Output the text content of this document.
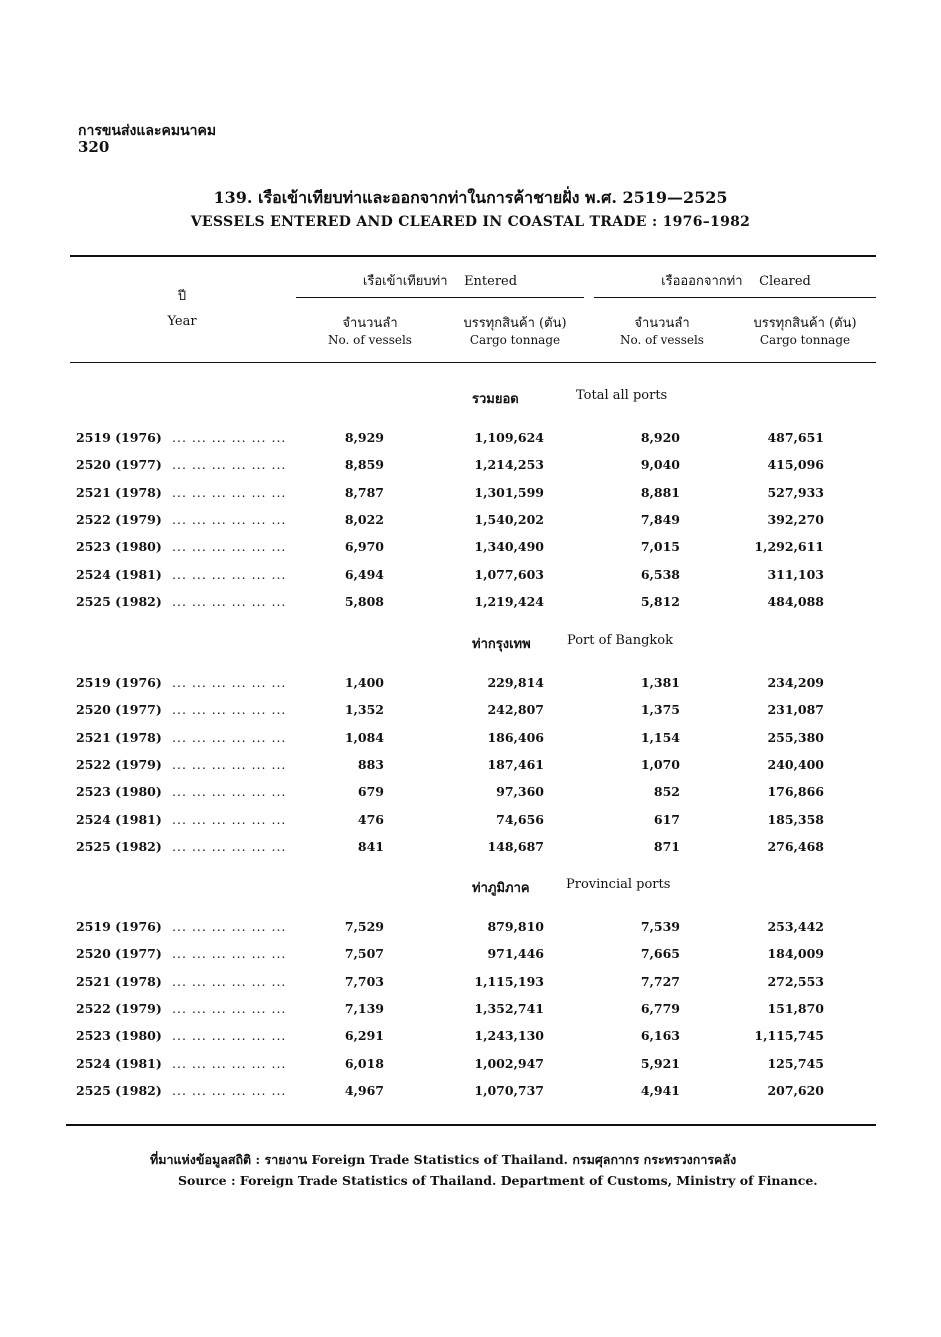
การขนส่งและคมนาคม
320
139. เรือเข้าเทียบท่าและออกจากท่าในการค้าชายฝั่ง พ.ศ. 2519—2525
VESSELS ENTERED AND CLEARED IN COASTAL TRADE : 1976–1982
ปี
Year
เรือเข้าเทียบท่า Entered	เรือออกจากท่า Cleared
จำนวนลำ
No. of vessels
บรรทุกสินค้า (ตัน)
Cargo tonnage
จำนวนลำ
No. of vessels
บรรทุกสินค้า (ตัน)
Cargo tonnage
รวมยอด	Total all ports
2519 (1976) ... ... ... ... ... ...	8,929	1,109,624	8,920	487,651
2520 (1977) ... ... ... ... ... ...	8,859	1,214,253	9,040	415,096
2521 (1978) ... ... ... ... ... ...	8,787	1,301,599	8,881	527,933
2522 (1979) ... ... ... ... ... ...	8,022	1,540,202	7,849	392,270
2523 (1980) ... ... ... ... ... ...	6,970	1,340,490	7,015	1,292,611
2524 (1981) ... ... ... ... ... ...	6,494	1,077,603	6,538	311,103
2525 (1982) ... ... ... ... ... ...	5,808	1,219,424	5,812	484,088
ท่ากรุงเทพ	Port of Bangkok
2519 (1976) ... ... ... ... ... ...	1,400	229,814	1,381	234,209
2520 (1977) ... ... ... ... ... ...	1,352	242,807	1,375	231,087
2521 (1978) ... ... ... ... ... ...	1,084	186,406	1,154	255,380
2522 (1979) ... ... ... ... ... ...	883	187,461	1,070	240,400
2523 (1980) ... ... ... ... ... ...	679	97,360	852	176,866
2524 (1981) ... ... ... ... ... ...	476	74,656	617	185,358
2525 (1982) ... ... ... ... ... ...	841	148,687	871	276,468
ท่าภูมิภาค	Provincial ports
2519 (1976) ... ... ... ... ... ...	7,529	879,810	7,539	253,442
2520 (1977) ... ... ... ... ... ...	7,507	971,446	7,665	184,009
2521 (1978) ... ... ... ... ... ...	7,703	1,115,193	7,727	272,553
2522 (1979) ... ... ... ... ... ...	7,139	1,352,741	6,779	151,870
2523 (1980) ... ... ... ... ... ...	6,291	1,243,130	6,163	1,115,745
2524 (1981) ... ... ... ... ... ...	6,018	1,002,947	5,921	125,745
2525 (1982) ... ... ... ... ... ...	4,967	1,070,737	4,941	207,620
ที่มาแห่งข้อมูลสถิติ : รายงาน Foreign Trade Statistics of Thailand. กรมศุลกากร กระทรวงการคลัง
Source : Foreign Trade Statistics of Thailand. Department of Customs, Ministry of Finance.
